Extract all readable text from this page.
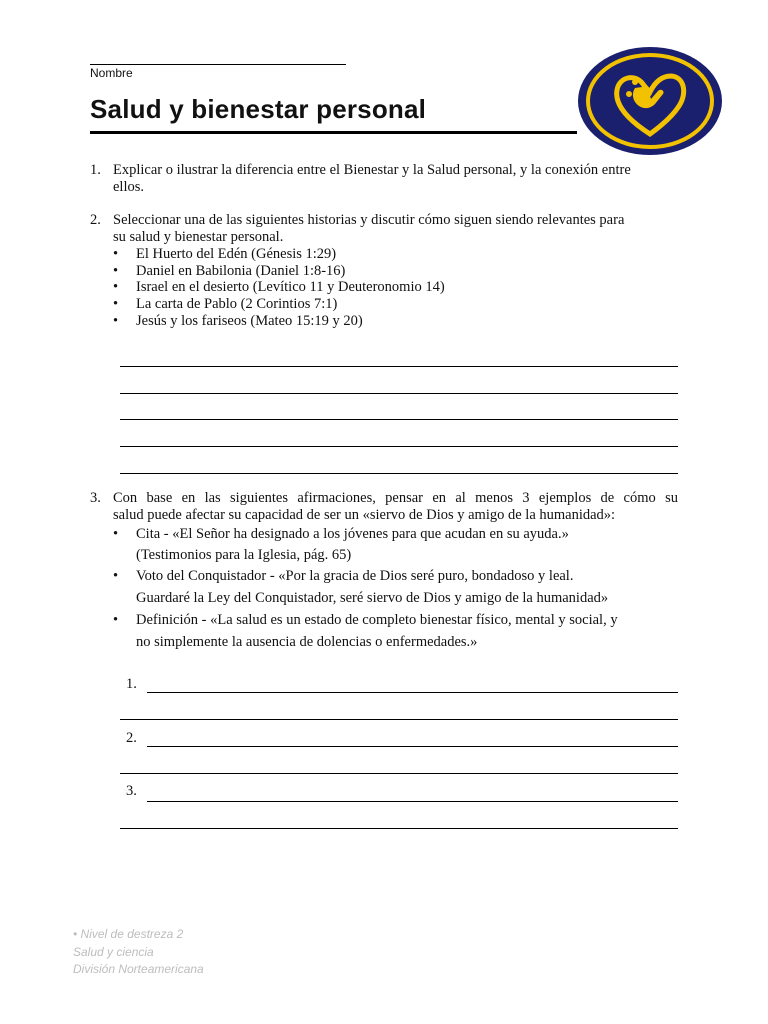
Nombre
Salud y bienestar personal
1. Explicar o ilustrar la diferencia entre el Bienestar y la Salud personal, y la conexión entre
ellos.
2. Seleccionar una de las siguientes historias y discutir cómo siguen siendo relevantes para
su salud y bienestar personal.
• El Huerto del Edén (Génesis 1:29)
• Daniel en Babilonia (Daniel 1:8-16)
• Israel en el desierto (Levítico 11 y Deuteronomio 14)
• La carta de Pablo (2 Corintios 7:1)
• Jesús y los fariseos (Mateo 15:19 y 20)
3. Con base en las siguientes afirmaciones, pensar en al menos 3 ejemplos de cómo su
salud puede afectar su capacidad de ser un «siervo de Dios y amigo de la humanidad»:
• Cita - «El Señor ha designado a los jóvenes para que acudan en su ayuda.»
(Testimonios para la Iglesia, pág. 65)
• Voto del Conquistador - «Por la gracia de Dios seré puro, bondadoso y leal.
Guardaré la Ley del Conquistador, seré siervo de Dios y amigo de la humanidad»
• Definición - «La salud es un estado de completo bienestar físico, mental y social, y
no simplemente la ausencia de dolencias o enfermedades.»
1.
2.
3.
• Nivel de destreza 2
Salud y ciencia
División Norteamericana
